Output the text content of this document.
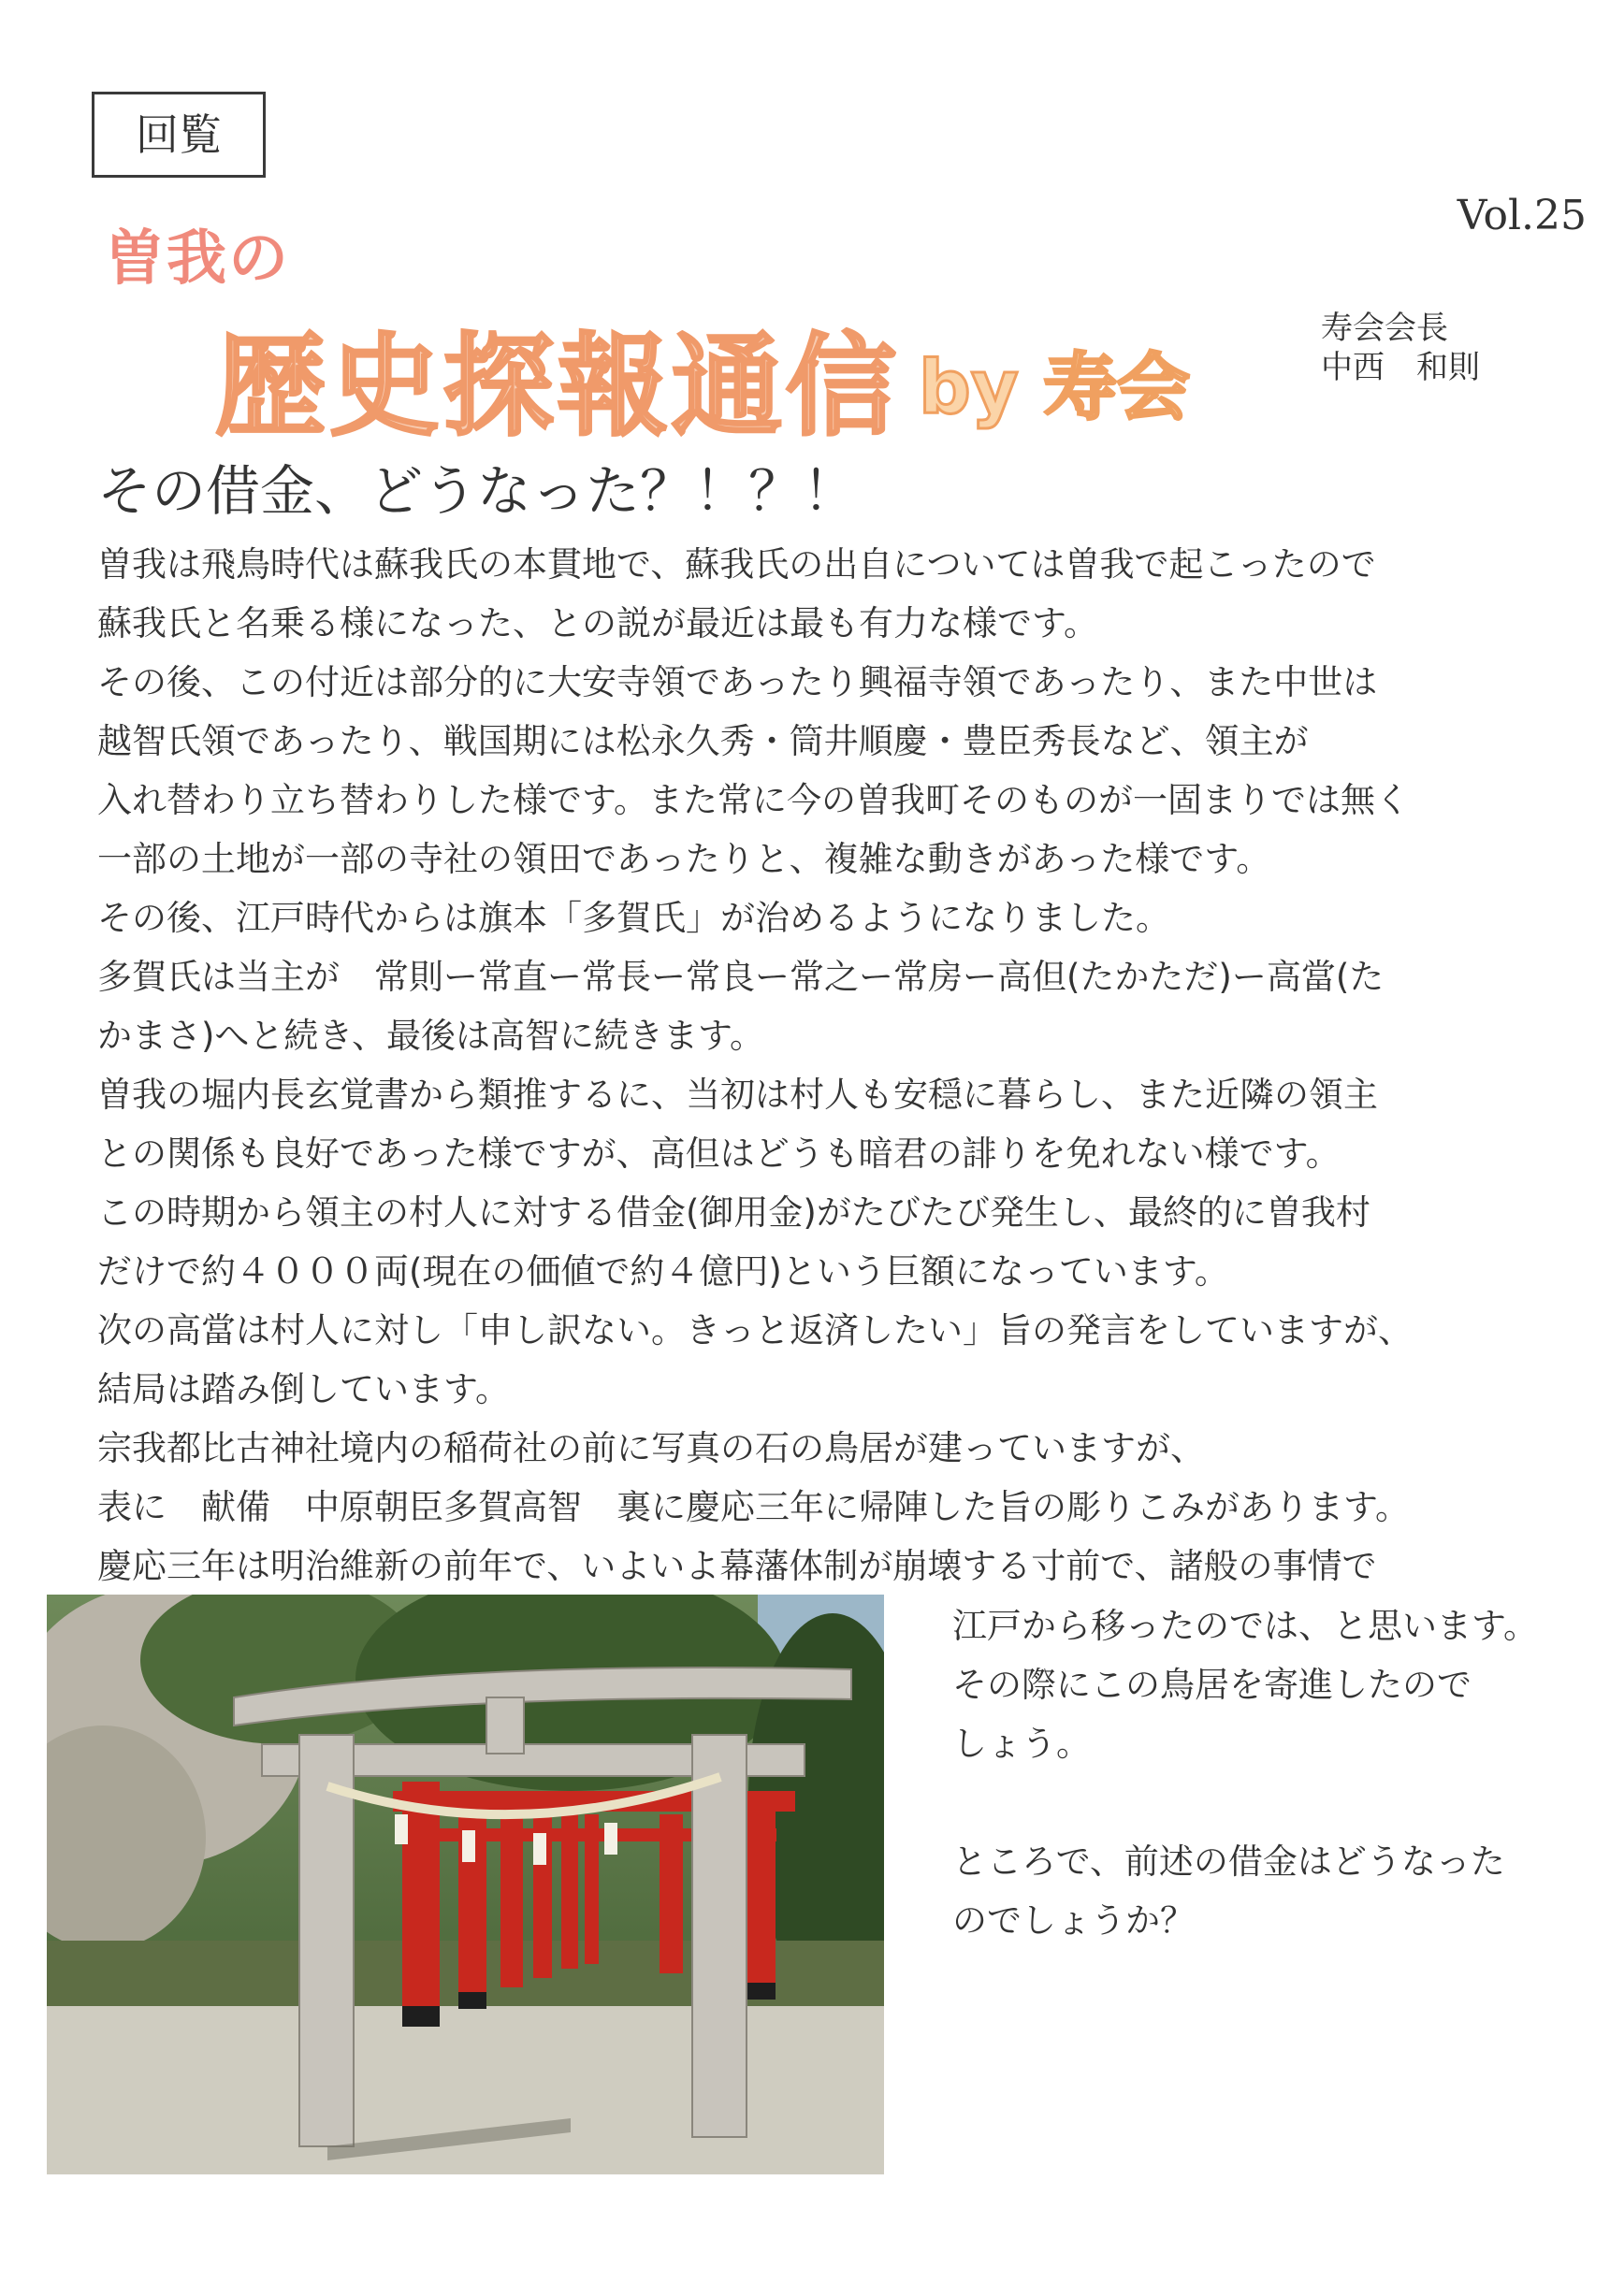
回覧
Vol.25
曽我の
歴史探報通信 by 寿会
寿会会長
中西　和則
その借金、どうなった？！？！
曽我は飛鳥時代は蘇我氏の本貫地で、蘇我氏の出自については曽我で起こったので
蘇我氏と名乗る様になった、との説が最近は最も有力な様です。
その後、この付近は部分的に大安寺領であったり興福寺領であったり、また中世は
越智氏領であったり、戦国期には松永久秀・筒井順慶・豊臣秀長など、領主が
入れ替わり立ち替わりした様です。また常に今の曽我町そのものが一固まりでは無く
一部の土地が一部の寺社の領田であったりと、複雑な動きがあった様です。
その後、江戸時代からは旗本「多賀氏」が治めるようになりました。
多賀氏は当主が　常則ー常直ー常長ー常良ー常之ー常房ー高但(たかただ)ー高當(た
かまさ)へと続き、最後は高智に続きます。
曽我の堀内長玄覚書から類推するに、当初は村人も安穏に暮らし、また近隣の領主
との関係も良好であった様ですが、高但はどうも暗君の誹りを免れない様です。
この時期から領主の村人に対する借金(御用金)がたびたび発生し、最終的に曽我村
だけで約４０００両(現在の価値で約４億円)という巨額になっています。
次の高當は村人に対し「申し訳ない。きっと返済したい」旨の発言をしていますが、
結局は踏み倒しています。
宗我都比古神社境内の稲荷社の前に写真の石の鳥居が建っていますが、
表に　献備　中原朝臣多賀高智　裏に慶応三年に帰陣した旨の彫りこみがあります。
慶応三年は明治維新の前年で、いよいよ幕藩体制が崩壊する寸前で、諸般の事情で
江戸から移ったのでは、と思います。
その際にこの鳥居を寄進したので
しょう。
ところで、前述の借金はどうなった
のでしょうか？
